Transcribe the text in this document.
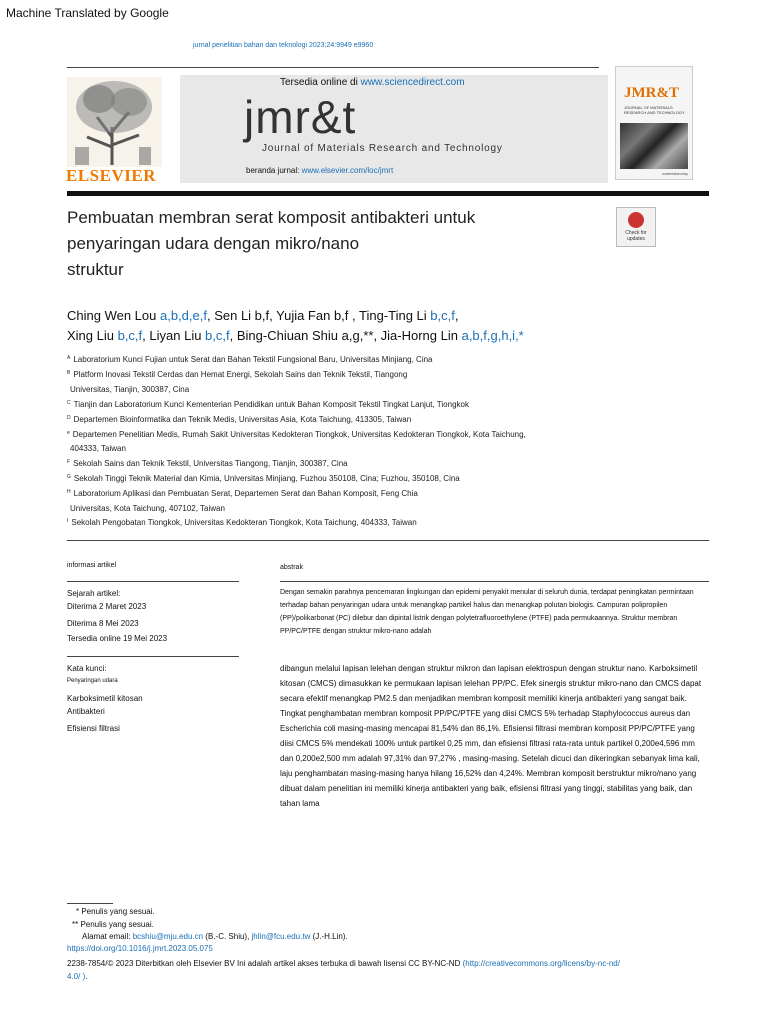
Machine Translated by Google
jurnal penelitian bahan dan teknologi 2023;24:9949 e9960
ELSEVIER
Tersedia online di www.sciencedirect.com
jmr&t
Journal of Materials Research and Technology
beranda jurnal: www.elsevier.com/loc/jmrt
JMR&T
JOURNAL OF MATERIALS RESEARCH AND TECHNOLOGY
materialstoday
Pembuatan membran serat komposit antibakteri untuk
penyaringan udara dengan mikro/nano
struktur
Check for
updates
Ching Wen Lou a,b,d,e,f, Sen Li b,f, Yujia Fan b,f , Ting-Ting Li b,c,f,
Xing Liu b,c,f, Liyan Liu b,c,f, Bing-Chiuan Shiu a,g,**, Jia-Horng Lin a,b,f,g,h,i,*
$^A$ Laboratorium Kunci Fujian untuk Serat dan Bahan Tekstil Fungsional Baru, Universitas Minjiang, Cina
$^B$ Platform Inovasi Tekstil Cerdas dan Hemat Energi, Sekolah Sains dan Teknik Tekstil, Tiangong
Universitas, Tianjin, 300387, Cina
$^C$ Tianjin dan Laboratorium Kunci Kementerian Pendidikan untuk Bahan Komposit Tekstil Tingkat Lanjut, Tiongkok
$^D$ Departemen Bioinformatika dan Teknik Medis, Universitas Asia, Kota Taichung, 413305, Taiwan
$^e$ Departemen Penelitian Medis, Rumah Sakit Universitas Kedokteran Tiongkok, Universitas Kedokteran Tiongkok, Kota Taichung,
404333, Taiwan
$^F$ Sekolah Sains dan Teknik Tekstil, Universitas Tiangong, Tianjin, 300387, Cina
$^G$ Sekolah Tinggi Teknik Material dan Kimia, Universitas Minjiang, Fuzhou 350108, Cina; Fuzhou, 350108, Cina
$^H$ Laboratorium Aplikasi dan Pembuatan Serat, Departemen Serat dan Bahan Komposit, Feng Chia
Universitas, Kota Taichung, 407102, Taiwan
$^I$ Sekolah Pengobatan Tiongkok, Universitas Kedokteran Tiongkok, Kota Taichung, 404333, Taiwan
informasi artikel
Sejarah artikel:
Diterima 2 Maret 2023
Diterima 8 Mei 2023
Tersedia online 19 Mei 2023
Kata kunci:
Penyaringan udara
Karboksimetil kitosan
Antibakteri
Efisiensi filtrasi
abstrak
Dengan semakin parahnya pencemaran lingkungan dan epidemi penyakit menular di seluruh dunia, terdapat peningkatan permintaan terhadap bahan penyaringan udara untuk menangkap partikel halus dan menangkap polutan biologis. Campuran polipropilen (PP)/polikarbonat (PC) dilebur dan dipintal listrik dengan polytetrafluoroethylene (PTFE) pada permukaannya. Struktur membran PP/PC/PTFE dengan struktur mikro-nano adalah
dibangun melalui lapisan lelehan dengan struktur mikron dan lapisan elektrospun dengan struktur nano. Karboksimetil kitosan (CMCS) dimasukkan ke permukaan lapisan lelehan PP/PC. Efek sinergis struktur mikro-nano dan CMCS dapat secara efektif menangkap PM2.5 dan menjadikan membran komposit memiliki kinerja antibakteri yang sangat baik. Tingkat penghambatan membran komposit PP/PC/PTFE yang diisi CMCS 5% terhadap Staphylococcus aureus dan Escherichia coli masing-masing mencapai 81,54% dan 86,1%. Efisiensi filtrasi membran komposit PP/PC/PTFE yang diisi CMCS 5% mendekati 100% untuk partikel 0,25 mm, dan efisiensi filtrasi rata-rata untuk partikel 0,200e4,596 mm dan 0,200e2,500 mm adalah 97,31% dan 97,27% , masing-masing. Setelah dicuci dan dikeringkan sebanyak lima kali, laju penghambatan masing-masing hanya hilang 16,52% dan 4,24%. Membran komposit berstruktur mikro/nano yang dibuat dalam penelitian ini memiliki kinerja antibakteri yang baik, efisiensi filtrasi yang tinggi, stabilitas yang baik, dan tahan lama
* Penulis yang sesuai.
** Penulis yang sesuai.
Alamat email: bcshiu@mju.edu.cn (B.-C. Shiu), jhlin@fcu.edu.tw (J.-H.Lin).
https://doi.org/10.1016/j.jmrt.2023.05.075
2238-7854/© 2023 Diterbitkan oleh Elsevier BV Ini adalah artikel akses terbuka di bawah lisensi CC BY-NC-ND (http://creativecommons.org/licens/by-nc-nd/
4.0/ ).
